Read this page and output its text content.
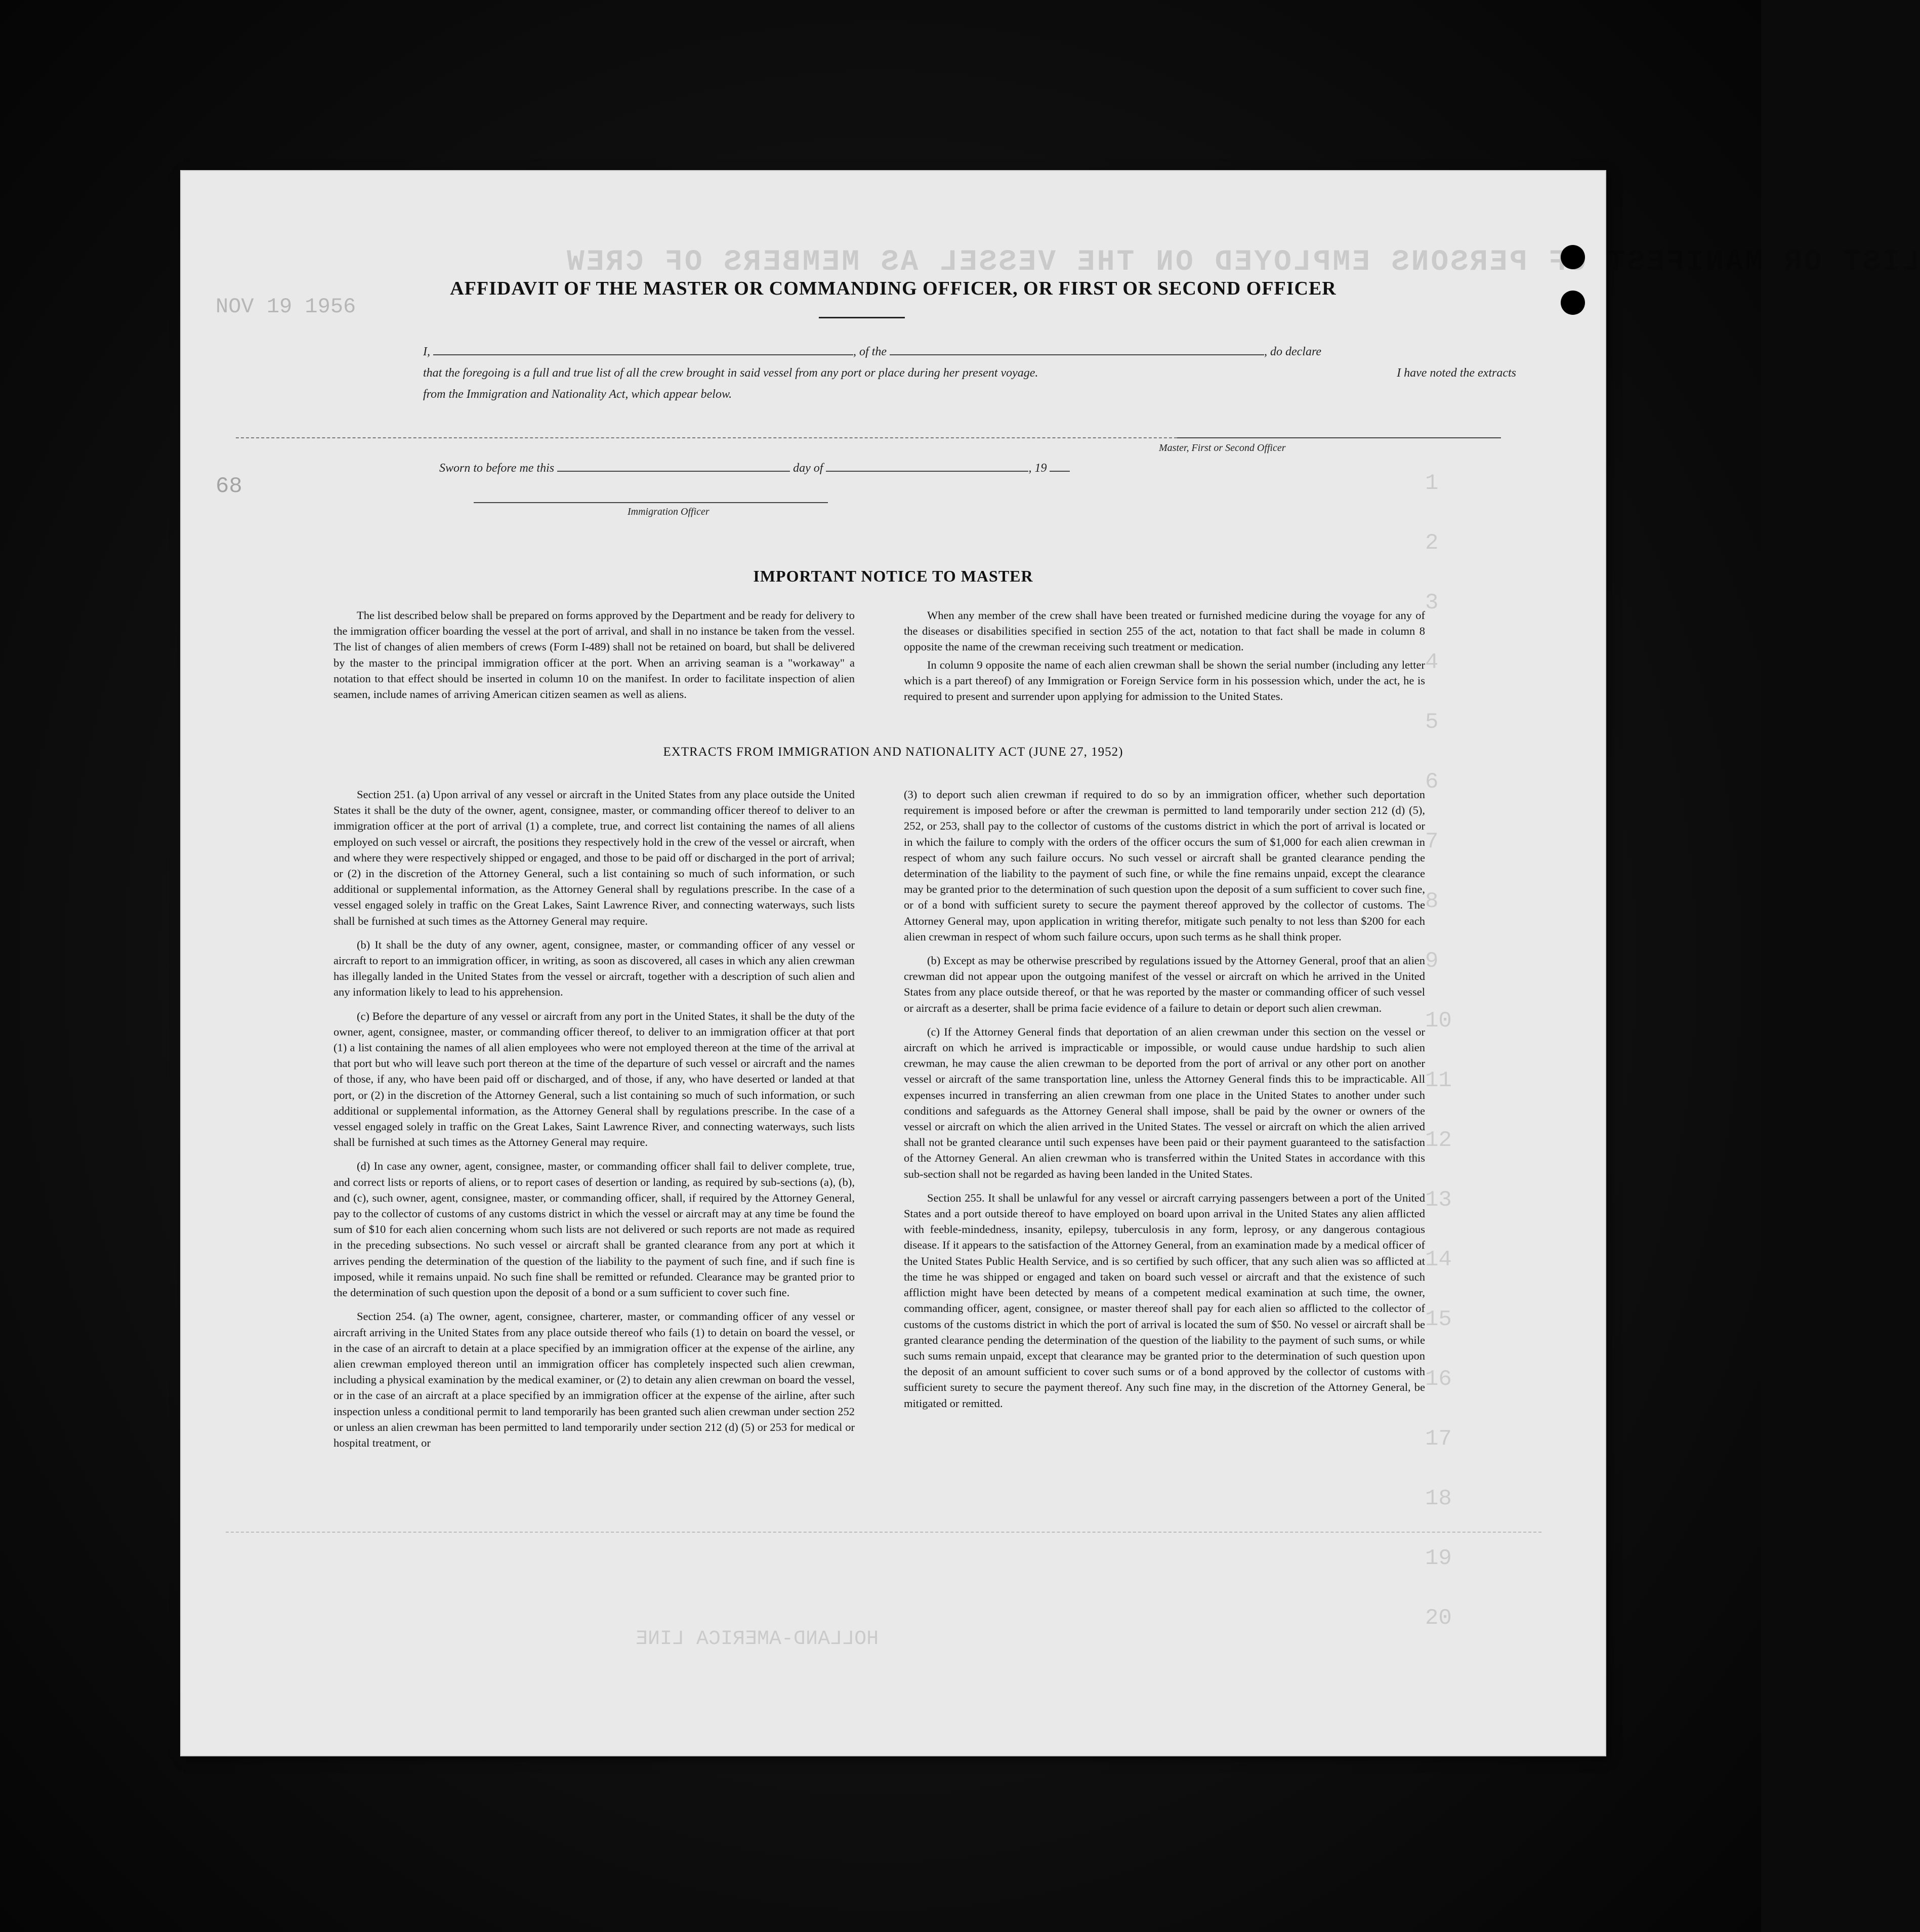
LIST OR MANIFEST OF PERSONS EMPLOYED ON THE VESSEL AS MEMBERS OF CREW
NOV 19 1956
68	1
2
3
4
5
6
7
8
9
10
11
12
13
14
15
16
17
18
19
20
HOLLAND-AMERICA LINE
AFFIDAVIT OF THE MASTER OR COMMANDING OFFICER, OR FIRST OR SECOND OFFICER
I,	, of the	, do declare
that the foregoing is a full and true list of all the crew brought in said vessel from any port or place during her present voyage.	I have noted the extracts
from the Immigration and Nationality Act, which appear below.
Master, First or Second Officer
Sworn to before me this	day of	, 19
Immigration Officer
IMPORTANT NOTICE TO MASTER

The list described below shall be prepared on forms approved by the Department and be ready for delivery to the immigration officer boarding the vessel at the port of arrival, and shall in no instance be taken from the vessel. The list of changes of alien members of crews (Form I-489) shall not be retained on board, but shall be delivered by the master to the principal immigration officer at the port. When an arriving seaman is a "workaway" a notation to that effect should be inserted in column 10 on the manifest. In order to facilitate inspection of alien seamen, include names of arriving American citizen seamen as well as aliens.

When any member of the crew shall have been treated or furnished medicine during the voyage for any of the diseases or disabilities specified in section 255 of the act, notation to that fact shall be made in column 8 opposite the name of the crewman receiving such treatment or medication.

In column 9 opposite the name of each alien crewman shall be shown the serial number (including any letter which is a part thereof) of any Immigration or Foreign Service form in his possession which, under the act, he is required to present and surrender upon applying for admission to the United States.

EXTRACTS FROM IMMIGRATION AND NATIONALITY ACT (JUNE 27, 1952)

Section 251. (a) Upon arrival of any vessel or aircraft in the United States from any place outside the United States it shall be the duty of the owner, agent, consignee, master, or commanding officer thereof to deliver to an immigration officer at the port of arrival (1) a complete, true, and correct list containing the names of all aliens employed on such vessel or aircraft, the positions they respectively hold in the crew of the vessel or aircraft, when and where they were respectively shipped or engaged, and those to be paid off or discharged in the port of arrival; or (2) in the discretion of the Attorney General, such a list containing so much of such information, or such additional or supplemental information, as the Attorney General shall by regulations prescribe. In the case of a vessel engaged solely in traffic on the Great Lakes, Saint Lawrence River, and connecting waterways, such lists shall be furnished at such times as the Attorney General may require.

(b) It shall be the duty of any owner, agent, consignee, master, or commanding officer of any vessel or aircraft to report to an immigration officer, in writing, as soon as discovered, all cases in which any alien crewman has illegally landed in the United States from the vessel or aircraft, together with a description of such alien and any information likely to lead to his apprehension.

(c) Before the departure of any vessel or aircraft from any port in the United States, it shall be the duty of the owner, agent, consignee, master, or commanding officer thereof, to deliver to an immigration officer at that port (1) a list containing the names of all alien employees who were not employed thereon at the time of the arrival at that port but who will leave such port thereon at the time of the departure of such vessel or aircraft and the names of those, if any, who have been paid off or discharged, and of those, if any, who have deserted or landed at that port, or (2) in the discretion of the Attorney General, such a list containing so much of such information, or such additional or supplemental information, as the Attorney General shall by regulations prescribe. In the case of a vessel engaged solely in traffic on the Great Lakes, Saint Lawrence River, and connecting waterways, such lists shall be furnished at such times as the Attorney General may require.

(d) In case any owner, agent, consignee, master, or commanding officer shall fail to deliver complete, true, and correct lists or reports of aliens, or to report cases of desertion or landing, as required by sub-sections (a), (b), and (c), such owner, agent, consignee, master, or commanding officer, shall, if required by the Attorney General, pay to the collector of customs of any customs district in which the vessel or aircraft may at any time be found the sum of $10 for each alien concerning whom such lists are not delivered or such reports are not made as required in the preceding subsections. No such vessel or aircraft shall be granted clearance from any port at which it arrives pending the determination of the question of the liability to the payment of such fine, and if such fine is imposed, while it remains unpaid. No such fine shall be remitted or refunded. Clearance may be granted prior to the determination of such question upon the deposit of a bond or a sum sufficient to cover such fine.

Section 254. (a) The owner, agent, consignee, charterer, master, or commanding officer of any vessel or aircraft arriving in the United States from any place outside thereof who fails (1) to detain on board the vessel, or in the case of an aircraft to detain at a place specified by an immigration officer at the expense of the airline, any alien crewman employed thereon until an immigration officer has completely inspected such alien crewman, including a physical examination by the medical examiner, or (2) to detain any alien crewman on board the vessel, or in the case of an aircraft at a place specified by an immigration officer at the expense of the airline, after such inspection unless a conditional permit to land temporarily has been granted such alien crewman under section 252 or unless an alien crewman has been permitted to land temporarily under section 212 (d) (5) or 253 for medical or hospital treatment, or

(3) to deport such alien crewman if required to do so by an immigration officer, whether such deportation requirement is imposed before or after the crewman is permitted to land temporarily under section 212 (d) (5), 252, or 253, shall pay to the collector of customs of the customs district in which the port of arrival is located or in which the failure to comply with the orders of the officer occurs the sum of $1,000 for each alien crewman in respect of whom any such failure occurs. No such vessel or aircraft shall be granted clearance pending the determination of the liability to the payment of such fine, or while the fine remains unpaid, except the clearance may be granted prior to the determination of such question upon the deposit of a sum sufficient to cover such fine, or of a bond with sufficient surety to secure the payment thereof approved by the collector of customs. The Attorney General may, upon application in writing therefor, mitigate such penalty to not less than $200 for each alien crewman in respect of whom such failure occurs, upon such terms as he shall think proper.

(b) Except as may be otherwise prescribed by regulations issued by the Attorney General, proof that an alien crewman did not appear upon the outgoing manifest of the vessel or aircraft on which he arrived in the United States from any place outside thereof, or that he was reported by the master or commanding officer of such vessel or aircraft as a deserter, shall be prima facie evidence of a failure to detain or deport such alien crewman.

(c) If the Attorney General finds that deportation of an alien crewman under this section on the vessel or aircraft on which he arrived is impracticable or impossible, or would cause undue hardship to such alien crewman, he may cause the alien crewman to be deported from the port of arrival or any other port on another vessel or aircraft of the same transportation line, unless the Attorney General finds this to be impracticable. All expenses incurred in transferring an alien crewman from one place in the United States to another under such conditions and safeguards as the Attorney General shall impose, shall be paid by the owner or owners of the vessel or aircraft on which the alien arrived in the United States. The vessel or aircraft on which the alien arrived shall not be granted clearance until such expenses have been paid or their payment guaranteed to the satisfaction of the Attorney General. An alien crewman who is transferred within the United States in accordance with this sub-section shall not be regarded as having been landed in the United States.

Section 255. It shall be unlawful for any vessel or aircraft carrying passengers between a port of the United States and a port outside thereof to have employed on board upon arrival in the United States any alien afflicted with feeble-mindedness, insanity, epilepsy, tuberculosis in any form, leprosy, or any dangerous contagious disease. If it appears to the satisfaction of the Attorney General, from an examination made by a medical officer of the United States Public Health Service, and is so certified by such officer, that any such alien was so afflicted at the time he was shipped or engaged and taken on board such vessel or aircraft and that the existence of such affliction might have been detected by means of a competent medical examination at such time, the owner, commanding officer, agent, consignee, or master thereof shall pay for each alien so afflicted to the collector of customs of the customs district in which the port of arrival is located the sum of $50. No vessel or aircraft shall be granted clearance pending the determination of the question of the liability to the payment of such sums, or while such sums remain unpaid, except that clearance may be granted prior to the determination of such question upon the deposit of an amount sufficient to cover such sums or of a bond approved by the collector of customs with sufficient surety to secure the payment thereof. Any such fine may, in the discretion of the Attorney General, be mitigated or remitted.
